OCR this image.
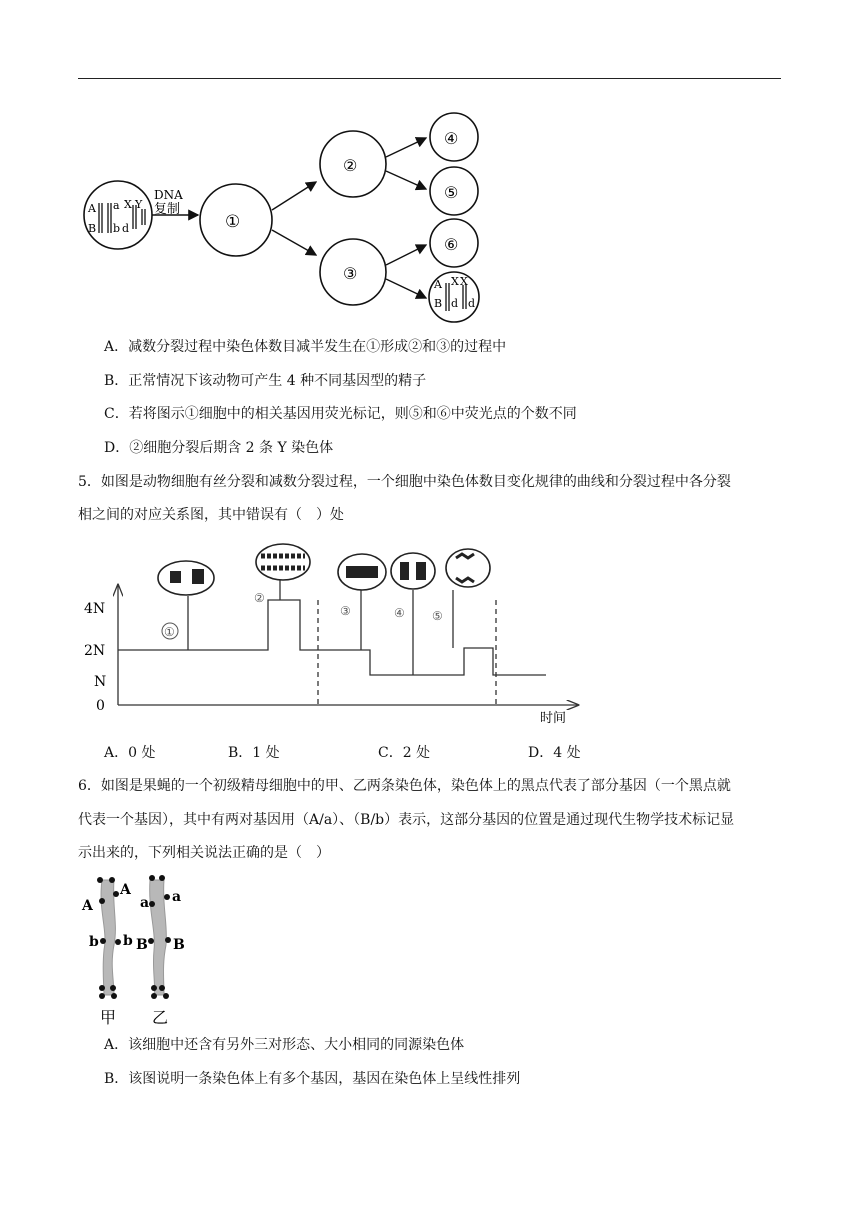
A a
B b d
X Y
DNA
复制
①
②
③
④
⑤
⑥
A X X
B d d
A．减数分裂过程中染色体数目减半发生在①形成②和③的过程中
B．正常情况下该动物可产生 4 种不同基因型的精子
C．若将图示①细胞中的相关基因用荧光标记，则⑤和⑥中荧光点的个数不同
D．②细胞分裂后期含 2 条 Y 染色体
5．如图是动物细胞有丝分裂和减数分裂过程，一个细胞中染色体数目变化规律的曲线和分裂过程中各分裂
相之间的对应关系图，其中错误有（　）处
4N
2N
N
0
时间
①
②
③	④ ⑤
A．0 处	B．1 处	C．2 处	D．4 处
6．如图是果蝇的一个初级精母细胞中的甲、乙两条染色体，染色体上的黑点代表了部分基因（一个黑点就
代表一个基因），其中有两对基因用（A/a）、（B/b）表示，这部分基因的位置是通过现代生物学技术标记显
示出来的，下列相关说法正确的是（　）
A
A
a a
b b B B
甲 乙
A．该细胞中还含有另外三对形态、大小相同的同源染色体
B．该图说明一条染色体上有多个基因，基因在染色体上呈线性排列
